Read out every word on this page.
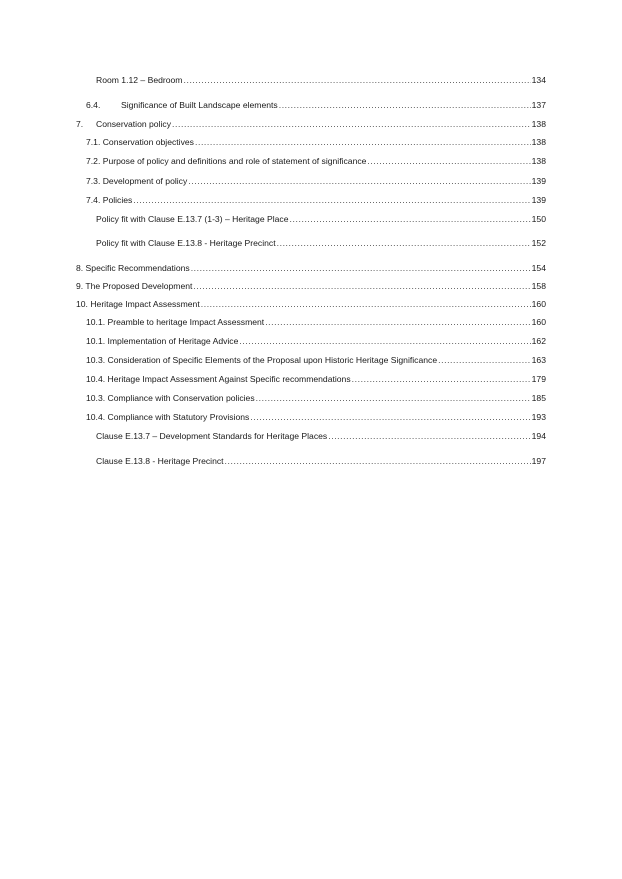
Room 1.12 – Bedroom .....	134
6.4. Significance of Built Landscape elements .....	137
7. Conservation policy .....	138
7.1. Conservation objectives .....	138
7.2. Purpose of policy and definitions and role of statement of significance .....	138
7.3. Development of policy .....	139
7.4. Policies .....	139
Policy fit with Clause E.13.7 (1-3) – Heritage Place .....	150
Policy fit with Clause E.13.8 - Heritage Precinct .....	152
8. Specific Recommendations .....	154
9. The Proposed Development .....	158
10. Heritage Impact Assessment .....	160
10.1. Preamble to heritage Impact Assessment .....	160
10.1. Implementation of Heritage Advice .....	162
10.3. Consideration of Specific Elements of the Proposal upon Historic Heritage Significance .....	163
10.4. Heritage Impact Assessment Against Specific recommendations .....	179
10.3. Compliance with Conservation policies .....	185
10.4. Compliance with Statutory Provisions .....	193
Clause E.13.7 – Development Standards for Heritage Places .....	194
Clause E.13.8 - Heritage Precinct .....	197
